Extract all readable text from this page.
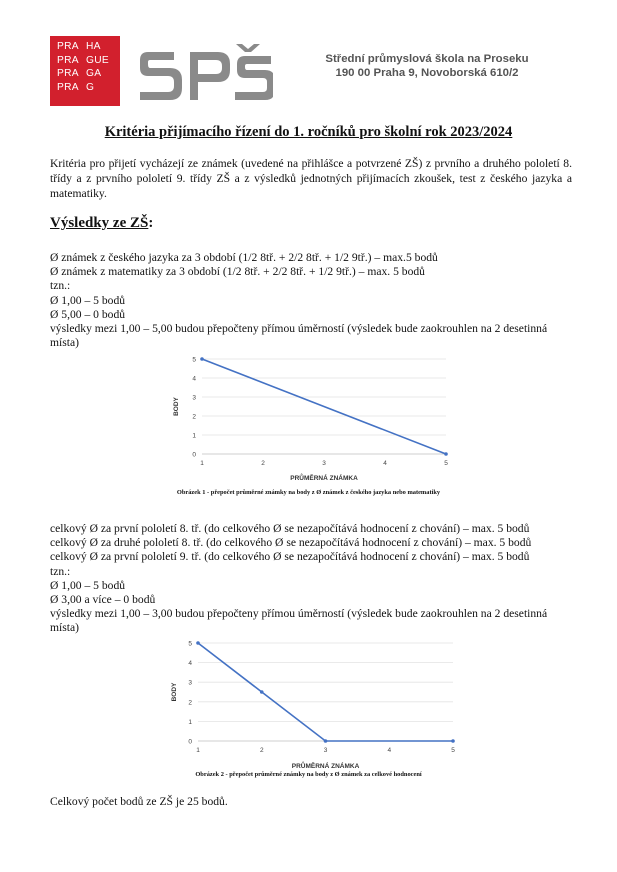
PRA HA
PRA GUE
PRA GA
PRA G
Střední průmyslová škola na Proseku
190 00 Praha 9, Novoborská 610/2
Kritéria přijímacího řízení do 1. ročníků pro školní rok 2023/2024
Kritéria pro přijetí vycházejí ze známek (uvedené na přihlášce a potvrzené ZŠ) z prvního a druhého pololetí 8. třídy a z prvního pololetí 9. třídy ZŠ a z výsledků jednotných přijímacích zkoušek, test z českého jazyka a matematiky.
Výsledky ze ZŠ:
Ø známek z českého jazyka za 3 období (1/2 8tř. + 2/2 8tř. + 1/2 9tř.) – max.5 bodů
Ø známek z matematiky za 3 období (1/2 8tř. + 2/2 8tř. + 1/2 9tř.) – max. 5 bodů
tzn.:
Ø 1,00 – 5 bodů
Ø 5,00 – 0 bodů
výsledky mezi 1,00 – 5,00 budou přepočteny přímou úměrností (výsledek bude zaokrouhlen na 2 desetinná místa)
0
1
2
3
4
5
1	2	3	4	5
PRŮMĚRNÁ ZNÁMKA
BODY
Obrázek 1 - přepočet průměrné známky na body z Ø známek z českého jazyka nebo matematiky
celkový Ø za první pololetí 8. tř. (do celkového Ø se nezapočítává hodnocení z chování) – max. 5 bodů
celkový Ø za druhé pololetí 8. tř. (do celkového Ø se nezapočítává hodnocení z chování) – max. 5 bodů
celkový Ø za první pololetí 9. tř. (do celkového Ø se nezapočítává hodnocení z chování) – max. 5 bodů
tzn.:
Ø 1,00 – 5 bodů
Ø 3,00 a více – 0 bodů
výsledky mezi 1,00 – 3,00 budou přepočteny přímou úměrností (výsledek bude zaokrouhlen na 2 desetinná místa)
0
1
2
3
4
5
1	2	3	4	5
PRŮMĚRNÁ ZNÁMKA
BODY
Obrázek 2 - přepočet průměrné známky na body z Ø známek za celkové hodnocení
Celkový počet bodů ze ZŠ je 25 bodů.
